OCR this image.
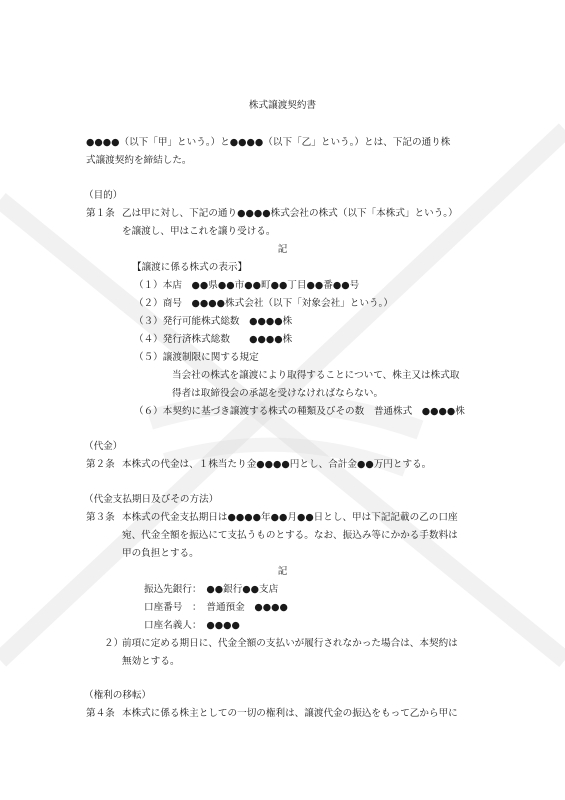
株式譲渡契約書
●●●●（以下「甲」という。）と●●●●（以下「乙」という。）とは、下記の通り株
式譲渡契約を締結した。
（目的）
第１条 乙は甲に対し、下記の通り●●●●株式会社の株式（以下「本株式」という。）
を譲渡し、甲はこれを譲り受ける。
記
【譲渡に係る株式の表示】
（１）本店　●●県●●市●●町●●丁目●●番●●号
（２）商号　●●●●株式会社（以下「対象会社」という。）
（３）発行可能株式総数　●●●●株
（４）発行済株式総数　　●●●●株
（５）譲渡制限に関する規定
当会社の株式を譲渡により取得することについて、株主又は株式取
得者は取締役会の承認を受けなければならない。
（６）本契約に基づき譲渡する株式の種類及びその数　普通株式　●●●●株
（代金）
第２条 本株式の代金は、１株当たり金●●●●円とし、合計金●●万円とする。
（代金支払期日及びその方法）
第３条 本株式の代金支払期日は●●●●年●●月●●日とし、甲は下記記載の乙の口座
宛、代金全額を振込にて支払うものとする。なお、振込み等にかかる手数料は
甲の負担とする。
記
振込先銀行：　●●銀行●●支店
口座番号　：　普通預金　●●●●
口座名義人：　●●●●
２）
前項に定める期日に、代金全額の支払いが履行されなかった場合は、本契約は
無効とする。
（権利の移転）
第４条 本株式に係る株主としての一切の権利は、譲渡代金の振込をもって乙から甲に
